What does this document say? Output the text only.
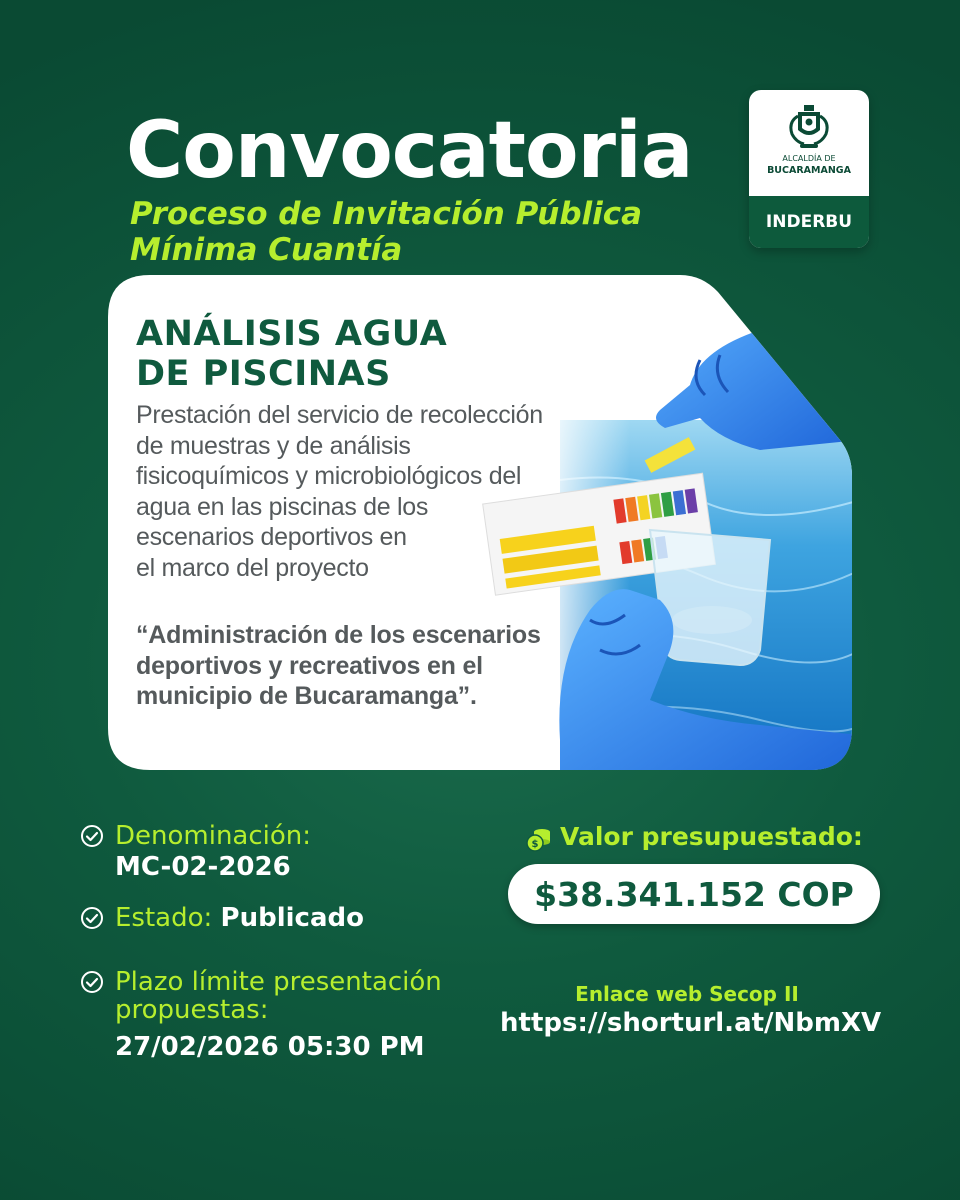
Convocatoria

Proceso de Invitación Pública
Mínima Cuantía

ALCALDÍA DE
BUCARAMANGA
INDERBU
ANÁLISIS AGUA
DE PISCINAS

Prestación del servicio de recolección
de muestras y de análisis
fisicoquímicos y microbiológicos del
agua en las piscinas de los
escenarios deportivos en
el marco del proyecto

“Administración de los escenarios
deportivos y recreativos en el
municipio de Bucaramanga”.

Denominación:

MC-02-2026

Estado: Publicado

Plazo límite presentación

propuestas:

27/02/2026 05:30 PM

$ Valor presupuestado:

$38.341.152 COP

Enlace web Secop II

https://shorturl.at/NbmXV
